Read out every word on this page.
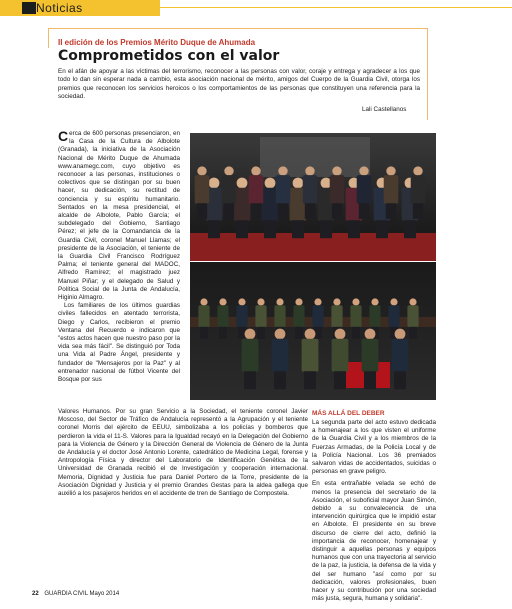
Noticias
II edición de los Premios Mérito Duque de Ahumada
Comprometidos con el valor
En el afán de apoyar a las víctimas del terrorismo, reconocer a las personas con valor, coraje y entrega y agradecer a los que todo lo dan sin esperar nada a cambio, esta asociación nacional de mérito, amigos del Cuerpo de la Guardia Civil, otorga los premios que reconocen los servicios heroicos o los comportamientos de las personas que constituyen una referencia para la sociedad.
Lali Castellanos

Cerca de 600 personas presenciaron, en la Casa de la Cultura de Albolote (Granada), la iniciativa de la Asociación Nacional de Mérito Duque de Ahumada www.anamegc.com, cuyo objetivo es reconocer a las personas, instituciones o colectivos que se distingan por su buen hacer, su dedicación, su rectitud de conciencia y su espíritu humanitario. Sentados en la mesa presidencial, el alcalde de Albolote, Pablo García; el subdelegado del Gobierno, Santiago Pérez; el jefe de la Comandancia de la Guardia Civil, coronel Manuel Llamas; el presidente de la Asociación, el teniente de la Guardia Civil Francisco Rodríguez Palma; el teniente general del MADOC, Alfredo Ramírez; el magistrado juez Manuel Piñar; y el delegado de Salud y Política Social de la Junta de Andalucía, Higinio Almagro.

Los familiares de los últimos guardias civiles fallecidos en atentado terrorista, Diego y Carlos, recibieron el premio Ventana del Recuerdo e indicaron que "estos actos hacen que nuestro paso por la vida sea más fácil". Se distinguió por Toda una Vida al Padre Ángel, presidente y fundador de "Mensajeros por la Paz" y al entrenador nacional de fútbol Vicente del Bosque por sus

MÁS ALLÁ DEL DEBER

La segunda parte del acto estuvo dedicada a homenajear a los que visten el uniforme de la Guardia Civil y a los miembros de la Fuerzas Armadas, de la Policía Local y de la Policía Nacional. Los 36 premiados salvaron vidas de accidentados, suicidas o personas en grave peligro.

En esta entrañable velada se echó de menos la presencia del secretario de la Asociación, el suboficial mayor Juan Simón, debido a su convalecencia de una intervención quirúrgica que le impidió estar en Albolote. El presidente en su breve discurso de cierre del acto, definió la importancia de reconocer, homenajear y distinguir a aquellas personas y equipos humanos que con una trayectoria al servicio de la paz, la justicia, la defensa de la vida y del ser humano "así como por su dedicación, valores profesionales, buen hacer y su contribución por una sociedad más justa, segura, humana y solidaria".

Valores Humanos. Por su gran Servicio a la Sociedad, el teniente coronel Javier Moscoso, del Sector de Tráfico de Andalucía representó a la Agrupación y el teniente coronel Morris del ejército de EEUU, simbolizaba a los policías y bomberos que perdieron la vida el 11-S. Valores para la Igualdad recayó en la Delegación del Gobierno para la Violencia de Género y la Dirección General de Violencia de Género de la Junta de Andalucía y el doctor José Antonio Lorente, catedrático de Medicina Legal, forense y Antropología Física y director del Laboratorio de Identificación Genética de la Universidad de Granada recibió el de Investigación y cooperación internacional. Memoria, Dignidad y Justicia fue para Daniel Portero de la Torre, presidente de la Asociación Dignidad y Justicia y el premio Grandes Gestas para la aldea gallega que auxilió a los pasajeros heridos en el accidente de tren de Santiago de Compostela.
22 GUARDIA CIVIL Mayo 2014
